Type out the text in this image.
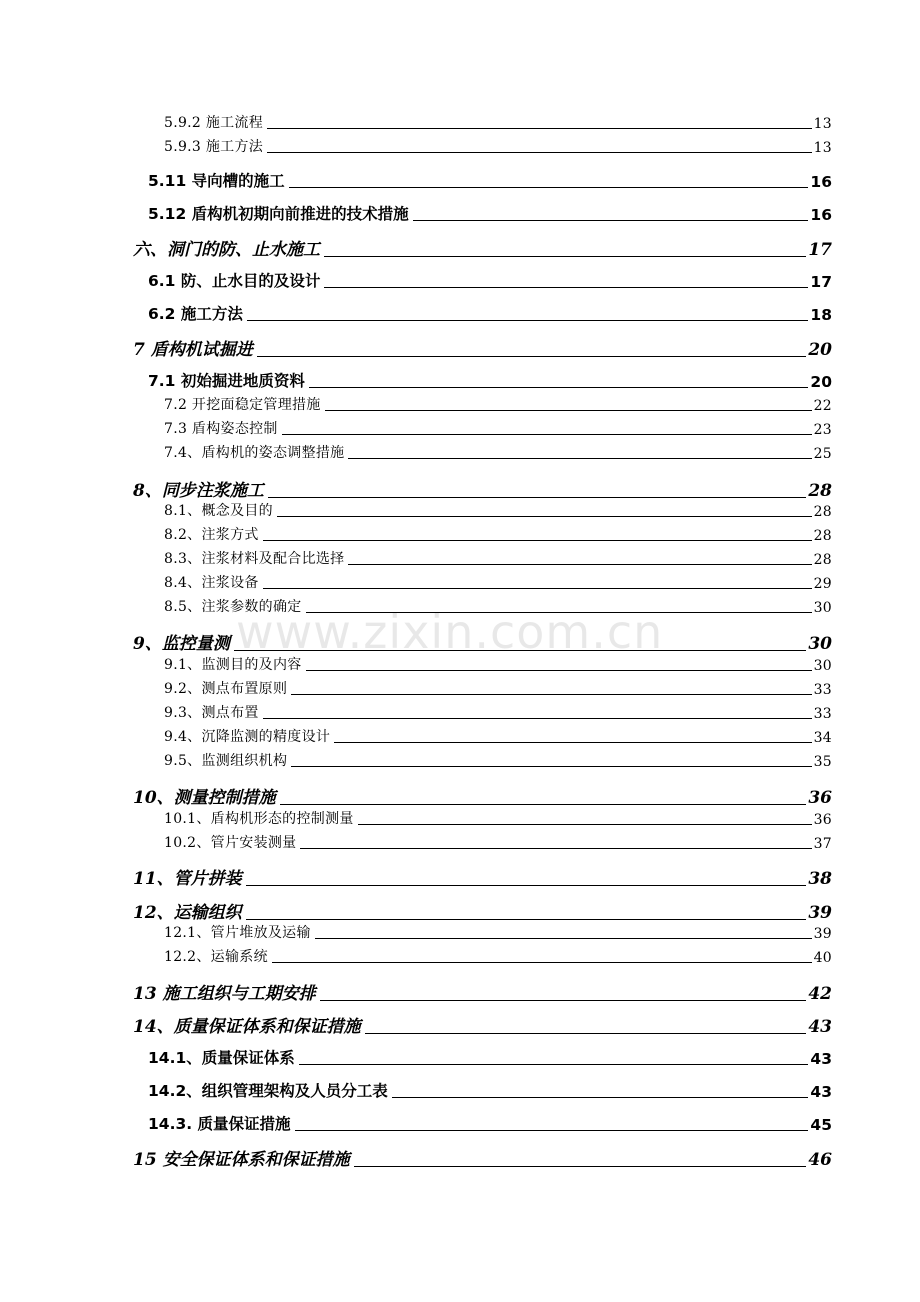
www.zixin.com.cn
5.9.2 施工流程	13
5.9.3 施工方法	13
5.11 导向槽的施工	16
5.12 盾构机初期向前推进的技术措施	16
六、洞门的防、止水施工	17
6.1 防、止水目的及设计	17
6.2 施工方法	18
7 盾构机试掘进	20
7.1 初始掘进地质资料	20
7.2 开挖面稳定管理措施	22
7.3 盾构姿态控制	23
7.4、盾构机的姿态调整措施	25
8、同步注浆施工	28
8.1、概念及目的	28
8.2、注浆方式	28
8.3、注浆材料及配合比选择	28
8.4、注浆设备	29
8.5、注浆参数的确定	30
9、监控量测	30
9.1、监测目的及内容	30
9.2、测点布置原则	33
9.3、测点布置	33
9.4、沉降监测的精度设计	34
9.5、监测组织机构	35
10、测量控制措施	36
10.1、盾构机形态的控制测量	36
10.2、管片安装测量	37
11、管片拼装	38
12、运输组织	39
12.1、管片堆放及运输	39
12.2、运输系统	40
13 施工组织与工期安排	42
14、质量保证体系和保证措施	43
14.1、质量保证体系	43
14.2、组织管理架构及人员分工表	43
14.3. 质量保证措施	45
15 安全保证体系和保证措施	46
